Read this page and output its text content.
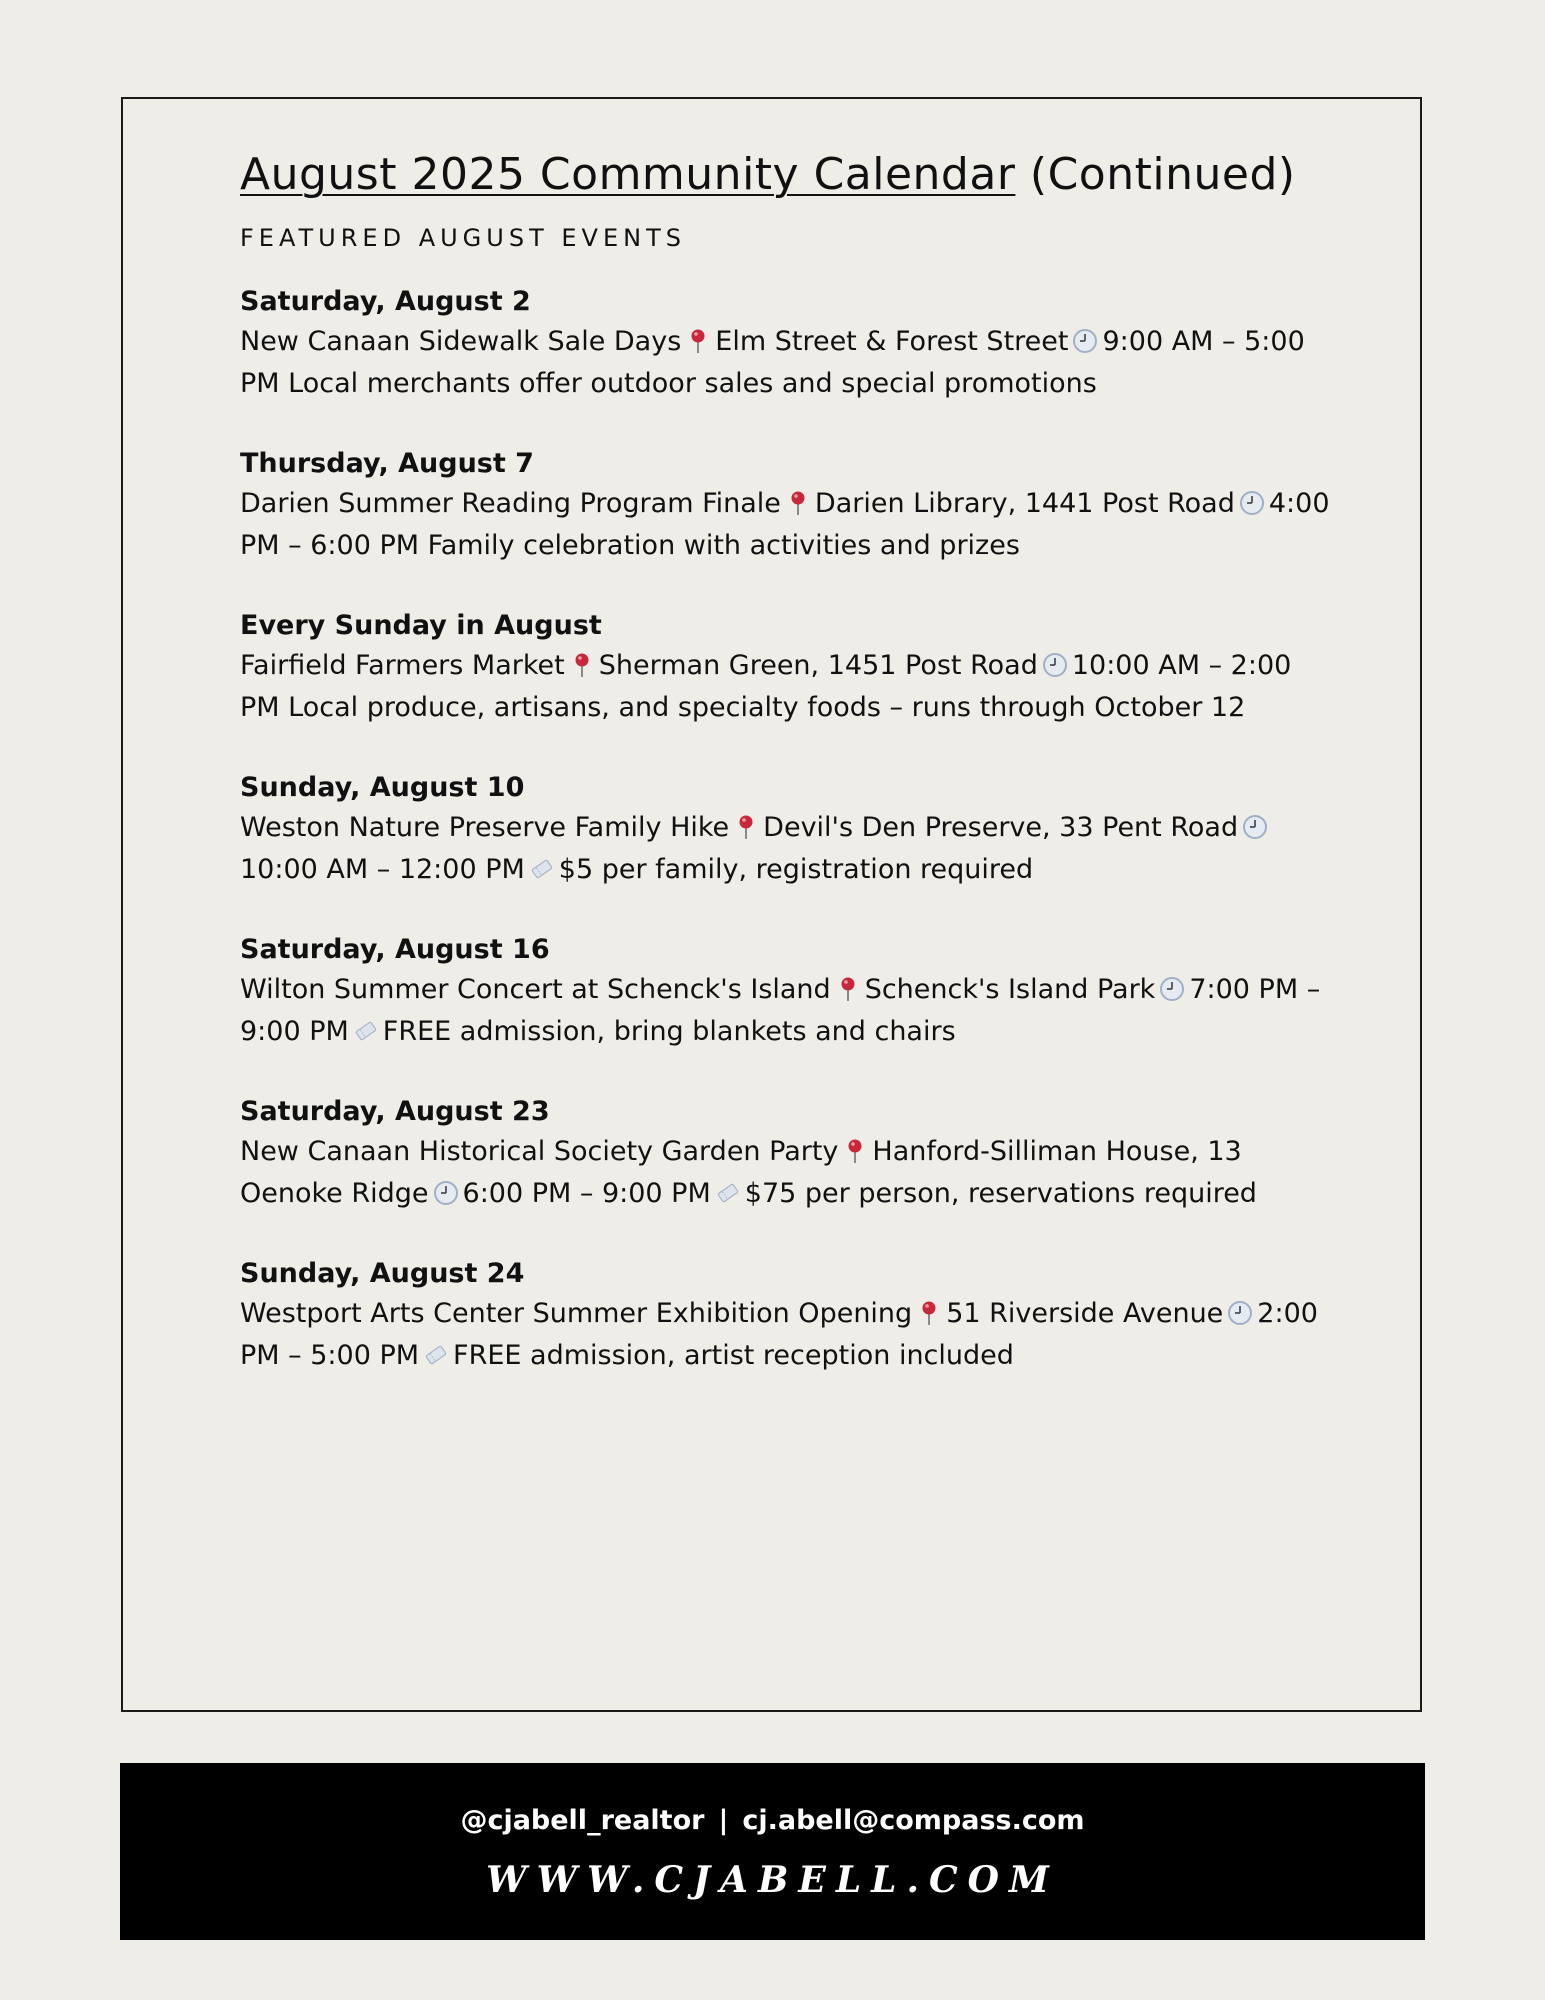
August 2025 Community Calendar (Continued)
FEATURED AUGUST EVENTS
Saturday, August 2
New Canaan Sidewalk Sale Days Elm Street & Forest Street 9:00 AM – 5:00 PM Local merchants offer outdoor sales and special promotions
Thursday, August 7
Darien Summer Reading Program Finale Darien Library, 1441 Post Road 4:00 PM – 6:00 PM Family celebration with activities and prizes
Every Sunday in August
Fairfield Farmers Market Sherman Green, 1451 Post Road 10:00 AM – 2:00 PM Local produce, artisans, and specialty foods – runs through October 12
Sunday, August 10
Weston Nature Preserve Family Hike Devil's Den Preserve, 33 Pent Road
10:00 AM – 12:00 PM $5 per family, registration required
Saturday, August 16
Wilton Summer Concert at Schenck's Island Schenck's Island Park 7:00 PM – 9:00 PM FREE admission, bring blankets and chairs
Saturday, August 23
New Canaan Historical Society Garden Party Hanford-Silliman House, 13 Oenoke Ridge 6:00 PM – 9:00 PM $75 per person, reservations required
Sunday, August 24
Westport Arts Center Summer Exhibition Opening 51 Riverside Avenue 2:00 PM – 5:00 PM FREE admission, artist reception included
@cjabell_realtor | cj.abell@compass.com
WWW.CJABELL.COM
